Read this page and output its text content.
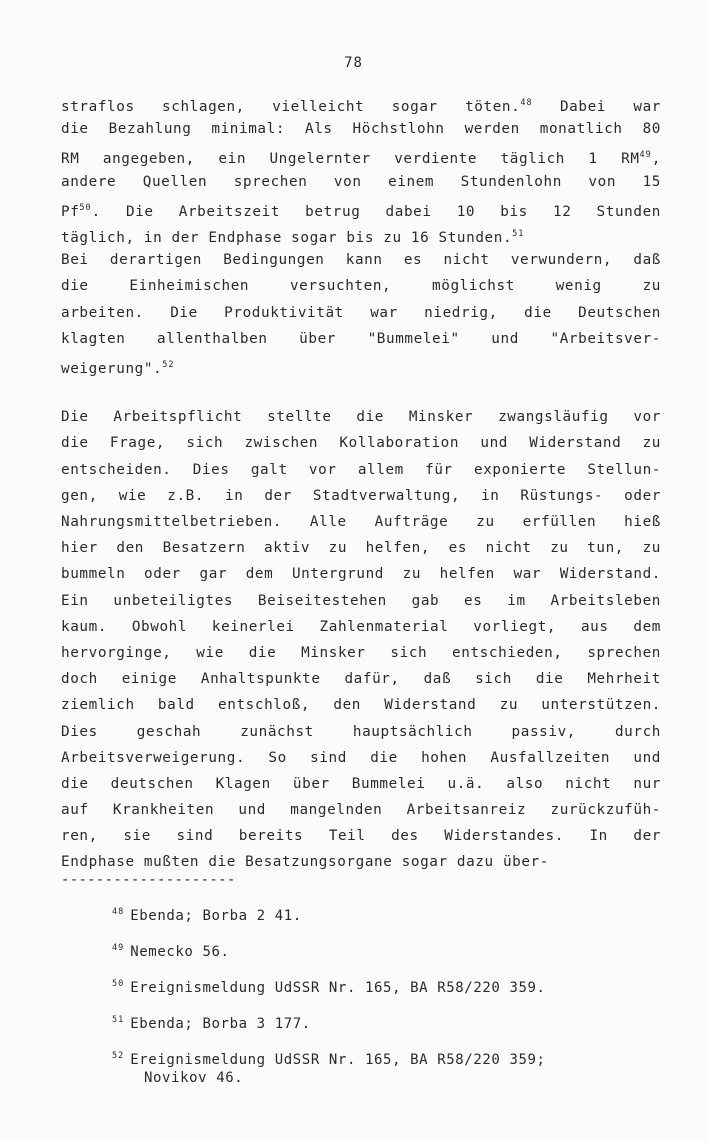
78
straflos schlagen, vielleicht sogar töten.$^{48}$ Dabei war
die Bezahlung minimal: Als Höchstlohn werden monatlich 80
RM angegeben, ein Ungelernter verdiente täglich 1 RM$^{49}$,
andere Quellen sprechen von einem Stundenlohn von 15
Pf$^{50}$. Die Arbeitszeit betrug dabei 10 bis 12 Stunden
täglich, in der Endphase sogar bis zu 16 Stunden.$^{51}$
Bei derartigen Bedingungen kann es nicht verwundern, daß
die Einheimischen versuchten, möglichst wenig zu
arbeiten. Die Produktivität war niedrig, die Deutschen
klagten allenthalben über "Bummelei" und "Arbeitsver-
weigerung".$^{52}$
Die Arbeitspflicht stellte die Minsker zwangsläufig vor
die Frage, sich zwischen Kollaboration und Widerstand zu
entscheiden. Dies galt vor allem für exponierte Stellun-
gen, wie z.B. in der Stadtverwaltung, in Rüstungs- oder
Nahrungsmittelbetrieben. Alle Aufträge zu erfüllen hieß
hier den Besatzern aktiv zu helfen, es nicht zu tun, zu
bummeln oder gar dem Untergrund zu helfen war Widerstand.
Ein unbeteiligtes Beiseitestehen gab es im Arbeitsleben
kaum. Obwohl keinerlei Zahlenmaterial vorliegt, aus dem
hervorginge, wie die Minsker sich entschieden, sprechen
doch einige Anhaltspunkte dafür, daß sich die Mehrheit
ziemlich bald entschloß, den Widerstand zu unterstützen.
Dies geschah zunächst hauptsächlich passiv, durch
Arbeitsverweigerung. So sind die hohen Ausfallzeiten und
die deutschen Klagen über Bummelei u.ä. also nicht nur
auf Krankheiten und mangelnden Arbeitsanreiz zurückzufüh-
ren, sie sind bereits Teil des Widerstandes. In der
Endphase mußten die Besatzungsorgane sogar dazu über-
--------------------
$^{48}$ Ebenda; Borba 2 41.
$^{49}$ Nemecko 56.
$^{50}$ Ereignismeldung UdSSR Nr. 165, BA R58/220 359.
$^{51}$ Ebenda; Borba 3 177.
$^{52}$ Ereignismeldung UdSSR Nr. 165, BA R58/220 359;
Novikov 46.
